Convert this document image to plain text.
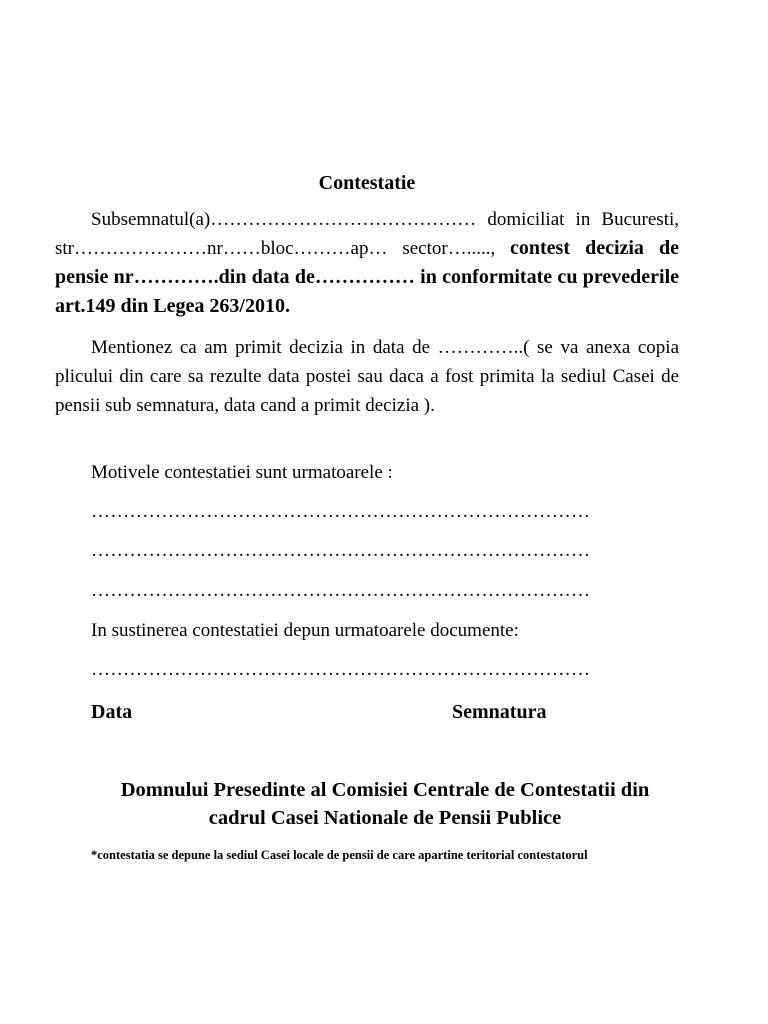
Contestatie

Subsemnatul(a)…………………………………… domiciliat in Bucuresti, str…………………nr……bloc………ap… sector…....., contest decizia de pensie nr………….din data de…………… in conformitate cu prevederile art.149 din Legea 263/2010.

Mentionez ca am primit decizia in data de …………..( se va anexa copia plicului din care sa rezulte data postei sau daca a fost primita la sediul Casei de pensii sub semnatura, data cand a primit decizia ).

Motivele contestatiei sunt urmatoarele :

……………………………………………………………………
……………………………………………………………………
……………………………………………………………………
In sustinerea contestatiei depun urmatoarele documente:
……………………………………………………………………
Data	Semnatura
Domnului Presedinte al Comisiei Centrale de Contestatii din
cadrul Casei Nationale de Pensii Publice
*contestatia se depune la sediul Casei locale de pensii de care apartine teritorial contestatorul
